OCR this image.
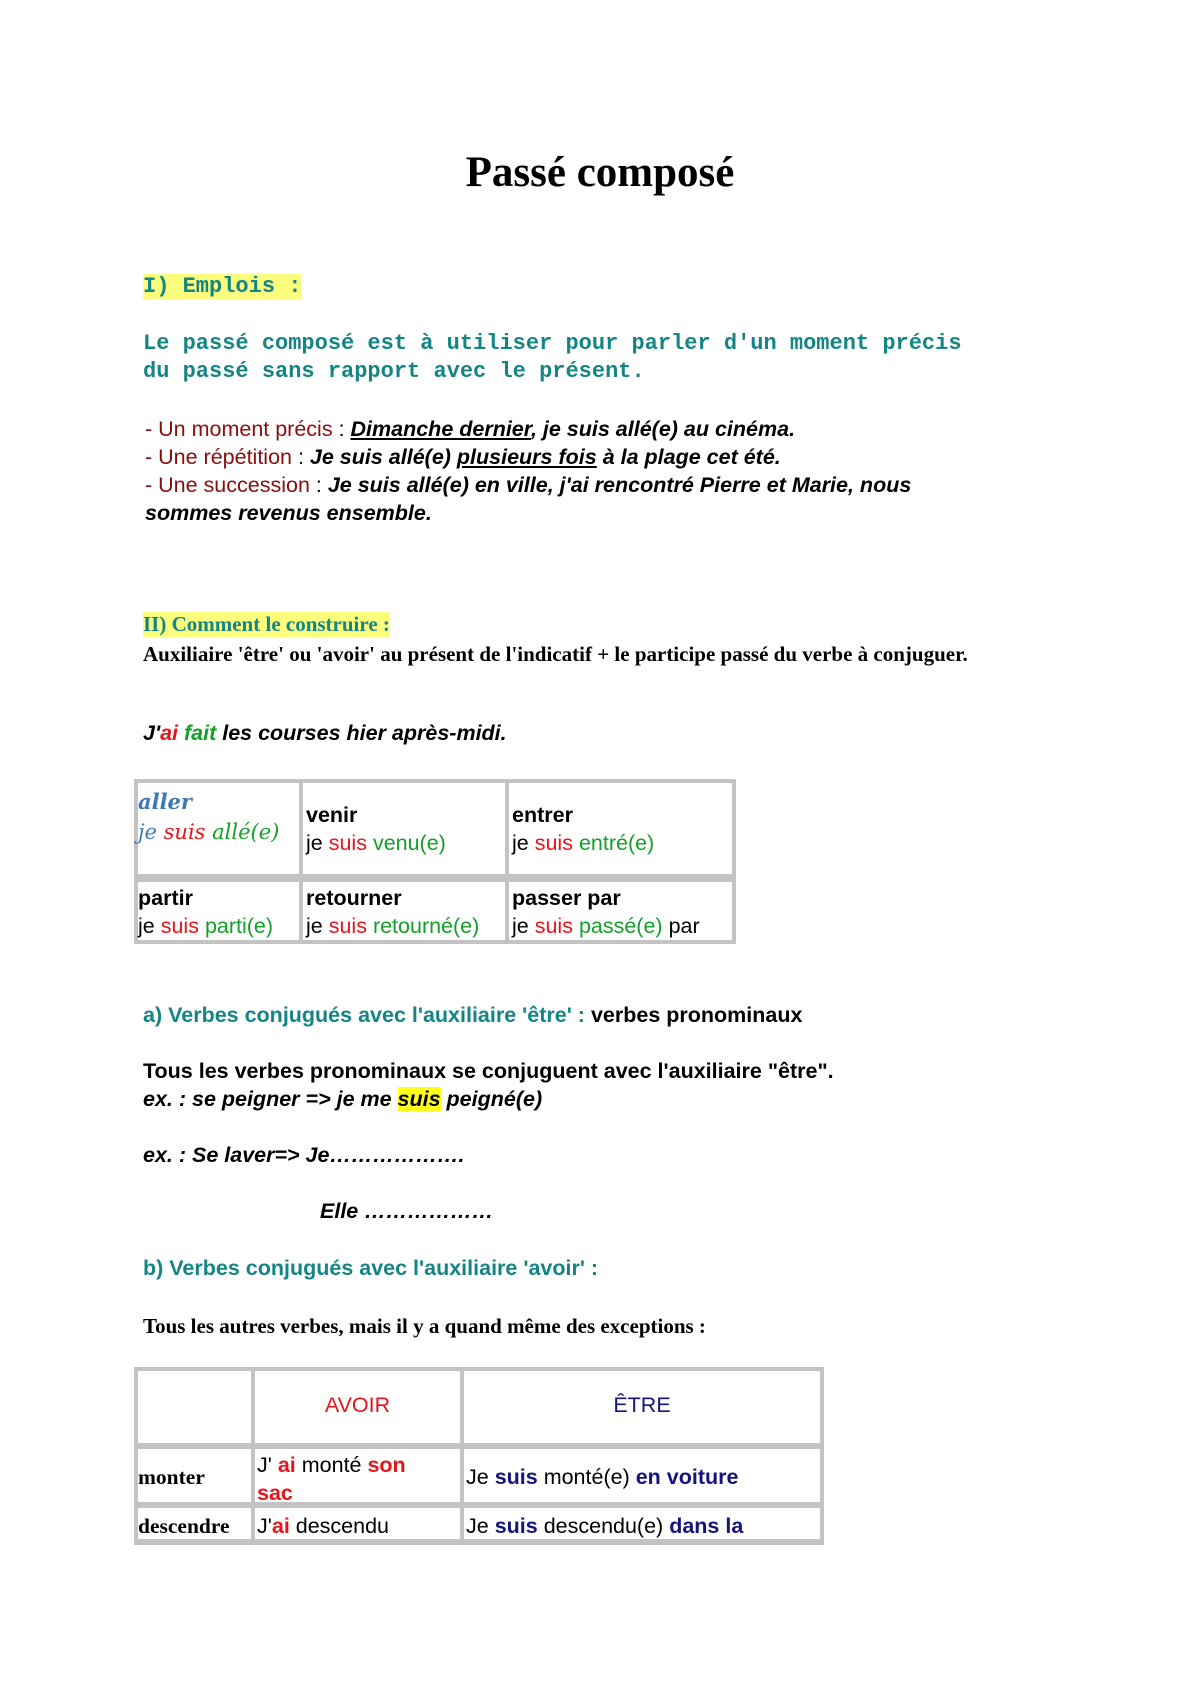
Passé composé
I) Emplois :
Le passé composé est à utiliser pour parler d'un moment précis
du passé sans rapport avec le présent.
- Un moment précis : Dimanche dernier, je suis allé(e) au cinéma.
- Une répétition : Je suis allé(e) plusieurs fois à la plage cet été.
- Une succession : Je suis allé(e) en ville, j'ai rencontré Pierre et Marie, nous
sommes revenus ensemble.
II) Comment le construire :
Auxiliaire 'être' ou 'avoir' au présent de l'indicatif + le participe passé du verbe à conjuguer.
J'ai fait les courses hier après-midi.
aller
je suis allé(e)
venir
je suis venu(e)
entrer
je suis entré(e)
partir
je suis parti(e)
retourner
je suis retourné(e)
passer par
je suis passé(e) par
a) Verbes conjugués avec l'auxiliaire 'être' : verbes pronominaux
Tous les verbes pronominaux se conjuguent avec l'auxiliaire "être".
ex. : se peigner => je me suis peigné(e)
ex. : Se laver=> Je……………….
Elle ………………
b) Verbes conjugués avec l'auxiliaire 'avoir' :
Tous les autres verbes, mais il y a quand même des exceptions :
AVOIR	ÊTRE
monter J' ai monté son
sac
Je suis monté(e) en voiture
descendre J'ai descendu	Je suis descendu(e) dans la
